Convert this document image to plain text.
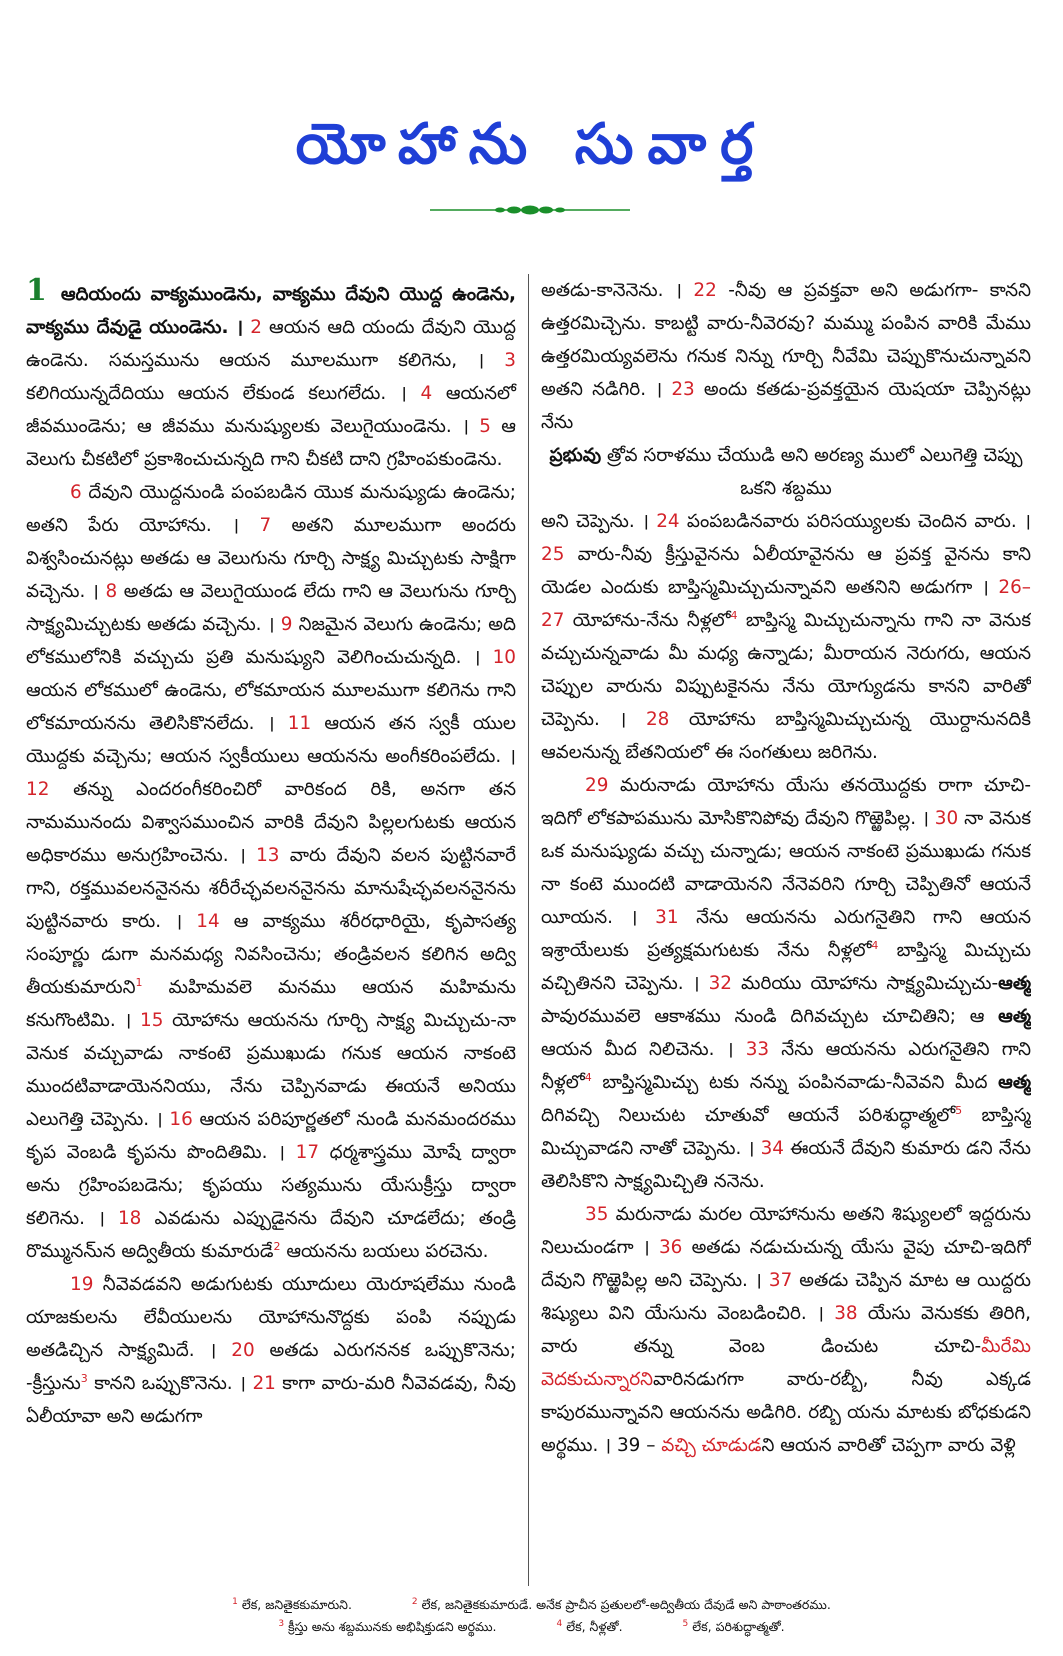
యోహాను సువార్త

1 ఆదియందు వాక్యముండెను, వాక్యము దేవుని యొద్ద ఉండెను, వాక్యము దేవుడై యుండెను. । 2 ఆయన ఆది యందు దేవుని యొద్ద ఉండెను. సమస్తమును ఆయన మూలముగా కలిగెను, । 3 కలిగియున్నదేదియు ఆయన లేకుండ కలుగలేదు. । 4 ఆయనలో జీవముండెను; ఆ జీవము మనుష్యులకు వెలుగైయుండెను. । 5 ఆ వెలుగు చీకటిలో ప్రకాశించుచున్నది గాని చీకటి దాని గ్రహింపకుండెను.

6 దేవుని యొద్దనుండి పంపబడిన యొక మనుష్యుడు ఉండెను; అతని పేరు యోహాను. । 7 అతని మూలముగా అందరు విశ్వసించునట్లు అతడు ఆ వెలుగును గూర్చి సాక్ష్య మిచ్చుటకు సాక్షిగా వచ్చెను. । 8 అతడు ఆ వెలుగైయుండ లేదు గాని ఆ వెలుగును గూర్చి సాక్ష్యమిచ్చుటకు అతడు వచ్చెను. । 9 నిజమైన వెలుగు ఉండెను; అది లోకములోనికి వచ్చుచు ప్రతి మనుష్యుని వెలిగించుచున్నది. । 10 ఆయన లోకములో ఉండెను, లోకమాయన మూలముగా కలిగెను గాని లోకమాయనను తెలిసికొనలేదు. । 11 ఆయన తన స్వకీ యుల యొద్దకు వచ్చెను; ఆయన స్వకీయులు ఆయనను అంగీకరింపలేదు. । 12 తన్ను ఎందరంగీకరించిరో వారికంద రికి, అనగా తన నామమునందు విశ్వాసముంచిన వారికి దేవుని పిల్లలగుటకు ఆయన అధికారము అనుగ్రహించెను. । 13 వారు దేవుని వలన పుట్టినవారే గాని, రక్తమువలననైనను శరీరేచ్ఛవలననైనను మానుషేచ్ఛవలననైనను పుట్టినవారు కారు. । 14 ఆ వాక్యము శరీరధారియై, కృపాసత్య సంపూర్ణు డుగా మనమధ్య నివసించెను; తండ్రివలన కలిగిన అద్వి తీయకుమారుని$^1$ మహిమవలె మనము ఆయన మహిమను కనుగొంటిమి. । 15 యోహాను ఆయనను గూర్చి సాక్ష్య మిచ్చుచు-నా వెనుక వచ్చువాడు నాకంటె ప్రముఖుడు గనుక ఆయన నాకంటె ముందటివాడాయెననియు, నేను చెప్పినవాడు ఈయనే అనియు ఎలుగెత్తి చెప్పెను. । 16 ఆయన పరిపూర్ణతలో నుండి మనమందరము కృప వెంబడి కృపను పొందితిమి. । 17 ధర్మశాస్త్రము మోషే ద్వారా అను గ్రహింపబడెను; కృపయు సత్యమును యేసుక్రీస్తు ద్వారా కలిగెను. । 18 ఎవడును ఎప్పుడైనను దేవుని చూడలేదు; తండ్రి రొమ్మునను్న అద్వితీయ కుమారుడే$^2$ ఆయనను బయలు పరచెను.

19 నీవెవడవని అడుగుటకు యూదులు యెరూషలేము నుండి యాజకులను లేవీయులను యోహానునొద్దకు పంపి నప్పుడు అతడిచ్చిన సాక్ష్యమిదే. । 20 అతడు ఎరుగననక ఒప్పుకొనెను; -క్రీస్తును$^3$ కానని ఒప్పుకొనెను. । 21 కాగా వారు-మరి నీవెవడవు, నీవు ఏలీయావా అని అడుగగా

అతడు-కానెనెను. । 22 -నీవు ఆ ప్రవక్తవా అని అడుగగా- కానని ఉత్తరమిచ్చెను. కాబట్టి వారు-నీవెరవు? మమ్ము పంపిన వారికి మేము ఉత్తరమియ్యవలెను గనుక నిన్ను గూర్చి నీవేమి చెప్పుకొనుచున్నావని అతని నడిగిరి. । 23 అందు కతడు-ప్రవక్తయైన యెషయా చెప్పినట్లు నేను

ప్రభువు త్రోవ సరాళము చేయుడి అని అరణ్య ములో ఎలుగెత్తి చెప్పు ఒకని శబ్దము

అని చెప్పెను. । 24 పంపబడినవారు పరిసయ్యులకు చెందిన వారు. । 25 వారు-నీవు క్రీస్తువైనను ఏలీయావైనను ఆ ప్రవక్త వైనను కాని యెడల ఎందుకు బాప్తిస్మమిచ్చుచున్నావని అతనిని అడుగగా । 26–27 యోహాను-నేను నీళ్లలో$^4$ బాప్తిస్మ మిచ్చుచున్నాను గాని నా వెనుక వచ్చుచున్నవాడు మీ మధ్య ఉన్నాడు; మీరాయన నెరుగరు, ఆయన చెప్పుల వారును విప్పుటకైనను నేను యోగ్యుడను కానని వారితో చెప్పెను. । 28 యోహాను బాప్తిస్మమిచ్చుచున్న యొర్దానునదికి ఆవలనున్న బేతనియలో ఈ సంగతులు జరిగెను.

29 మరునాడు యోహాను యేసు తనయొద్దకు రాగా చూచి-ఇదిగో లోకపాపమును మోసికొనిపోవు దేవుని గొఱ్ఱెపిల్ల. । 30 నా వెనుక ఒక మనుష్యుడు వచ్చు చున్నాడు; ఆయన నాకంటె ప్రముఖుడు గనుక నా కంటె ముందటి వాడాయెనని నేనెవరిని గూర్చి చెప్పితినో ఆయనే యీయన. । 31 నేను ఆయనను ఎరుగనైతిని గాని ఆయన ఇశ్రాయేలుకు ప్రత్యక్షమగుటకు నేను నీళ్లలో$^4$ బాప్తిస్మ మిచ్చుచు వచ్చితినని చెప్పెను. । 32 మరియు యోహాను సాక్ష్యమిచ్చుచు-ఆత్మ పావురమువలె ఆకాశము నుండి దిగివచ్చుట చూచితిని; ఆ ఆత్మ ఆయన మీద నిలిచెను. । 33 నేను ఆయనను ఎరుగనైతిని గాని నీళ్లలో$^4$ బాప్తిస్మమిచ్చు టకు నన్ను పంపినవాడు-నీవెవని మీద ఆత్మ దిగివచ్చి నిలుచుట చూతువో ఆయనే పరిశుద్ధాత్మలో$^5$ బాప్తిస్మ మిచ్చువాడని నాతో చెప్పెను. । 34 ఈయనే దేవుని కుమారు డని నేను తెలిసికొని సాక్ష్యమిచ్చితి ననెను.

35 మరునాడు మరల యోహానును అతని శిష్యులలో ఇద్దరును నిలుచుండగా । 36 అతడు నడుచుచున్న యేసు వైపు చూచి-ఇదిగో దేవుని గొఱ్ఱెపిల్ల అని చెప్పెను. । 37 అతడు చెప్పిన మాట ఆ యిద్దరు శిష్యులు విని యేసును వెంబడించిరి. । 38 యేసు వెనుకకు తిరిగి, వారు తన్ను వెంబ డించుట చూచి-మీరేమి వెదకుచున్నారనివారినడుగగా వారు-రబ్బీ, నీవు ఎక్కడ కాపురమున్నావని ఆయనను అడిగిరి. రబ్బి యను మాటకు బోధకుడని అర్థము. । 39 – వచ్చి చూడుడని ఆయన వారితో చెప్పగా వారు వెళ్లి

$^1$ లేక, జనితైకకుమారుని.	$^2$ లేక, జనితైకకుమారుడే. అనేక ప్రాచీన ప్రతులలో-అద్వితీయ దేవుడే అని పాఠాంతరము.
$^3$ క్రీస్తు అను శబ్దమునకు అభిషిక్తుడని అర్థము.	$^4$ లేక, నీళ్లతో.	$^5$ లేక, పరిశుద్ధాత్మతో.
